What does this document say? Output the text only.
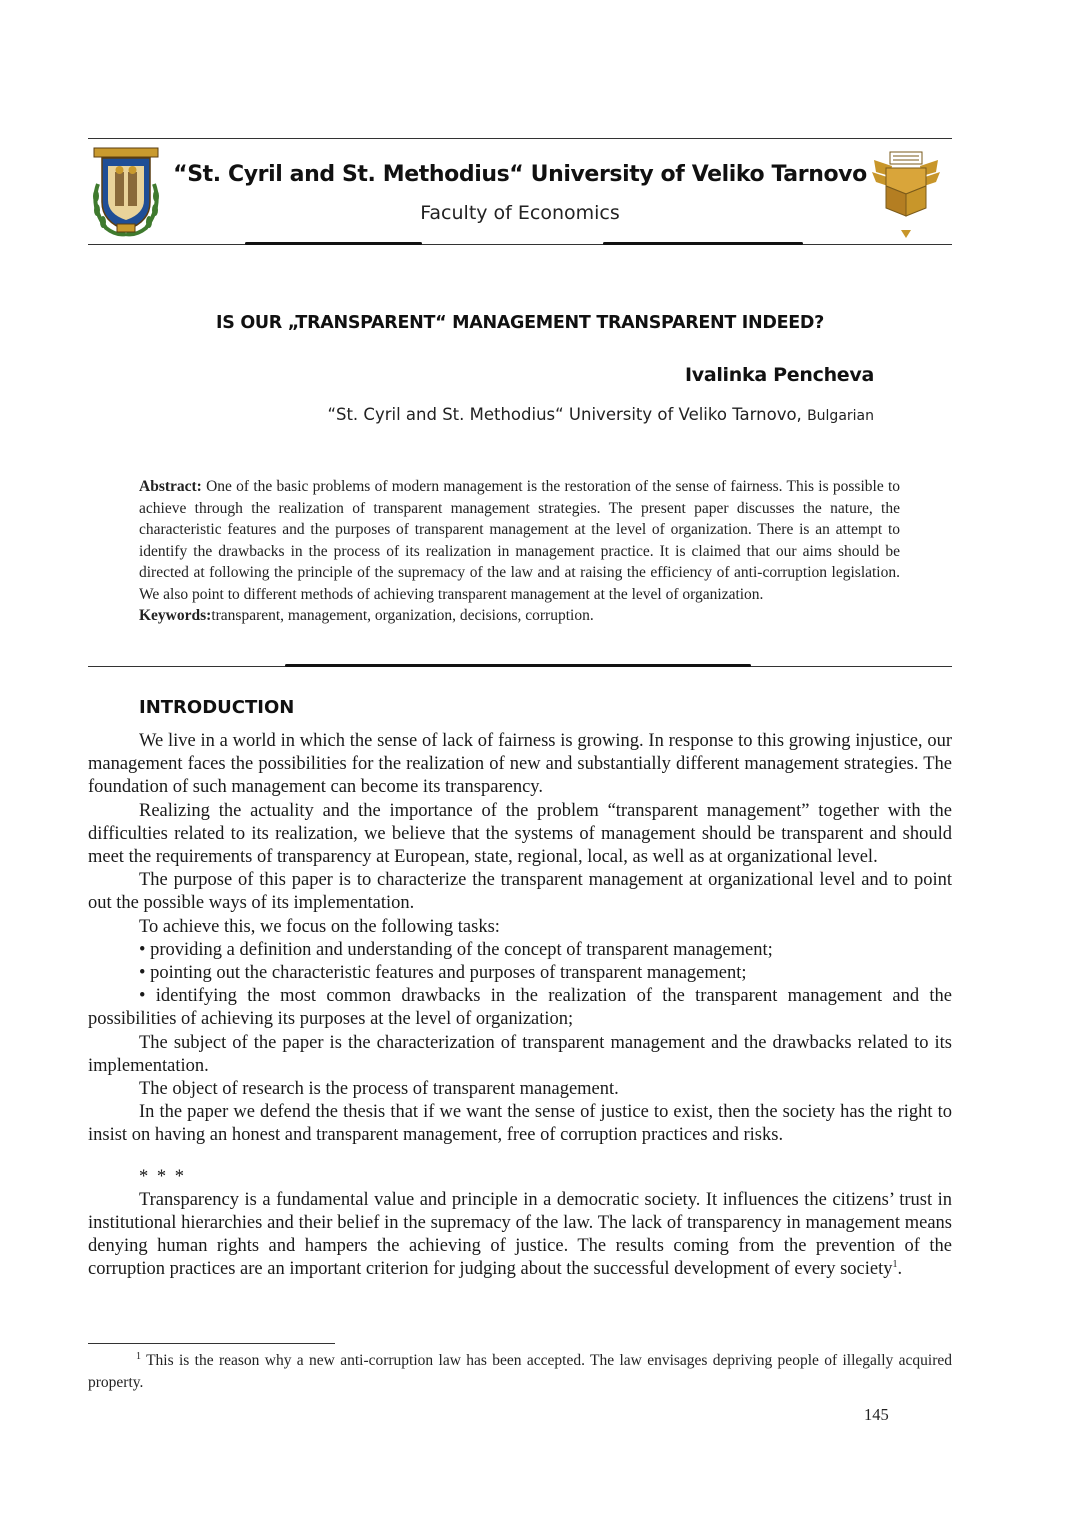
“St. Cyril and St. Methodius“ University of Veliko Tarnovo
Faculty of Economics
IS OUR „TRANSPARENT“ MANAGEMENT TRANSPARENT INDEED?
Ivalinka Pencheva
“St. Cyril and St. Methodius“ University of Veliko Tarnovo, Bulgarian

Abstract: One of the basic problems of modern management is the restoration of the sense of fairness. This is possible to achieve through the realization of transparent management strategies. The present paper discusses the nature, the characteristic features and the purposes of transparent management at the level of organization. There is an attempt to identify the drawbacks in the process of its realization in management practice. It is claimed that our aims should be directed at following the principle of the supremacy of the law and at raising the efficiency of anti-corruption legislation. We also point to different methods of achieving transparent management at the level of organization.

Keywords:transparent, management, organization, decisions, corruption.

INTRODUCTION

We live in a world in which the sense of lack of fairness is growing. In response to this growing injustice, our management faces the possibilities for the realization of new and substantially different management strategies. The foundation of such management can become its transparency.

Realizing the actuality and the importance of the problem “transparent management” together with the difficulties related to its realization, we believe that the systems of management should be transparent and should meet the requirements of transparency at European, state, regional, local, as well as at organizational level.

The purpose of this paper is to characterize the transparent management at organizational level and to point out the possible ways of its implementation.

To achieve this, we focus on the following tasks:

• providing a definition and understanding of the concept of transparent management;

• pointing out the characteristic features and purposes of transparent management;

• identifying the most common drawbacks in the realization of the transparent management and the possibilities of achieving its purposes at the level of organization;

The subject of the paper is the characterization of transparent management and the drawbacks related to its implementation.

The object of research is the process of transparent management.

In the paper we defend the thesis that if we want the sense of justice to exist, then the society has the right to insist on having an honest and transparent management, free of corruption practices and risks.

* * *

Transparency is a fundamental value and principle in a democratic society. It influences the citizens’ trust in institutional hierarchies and their belief in the supremacy of the law. The lack of transparency in management means denying human rights and hampers the achieving of justice. The results coming from the prevention of the corruption practices are an important criterion for judging about the successful development of every society$^1$.

$^1$ This is the reason why a new anti-corruption law has been accepted. The law envisages depriving people of illegally acquired property.

145
